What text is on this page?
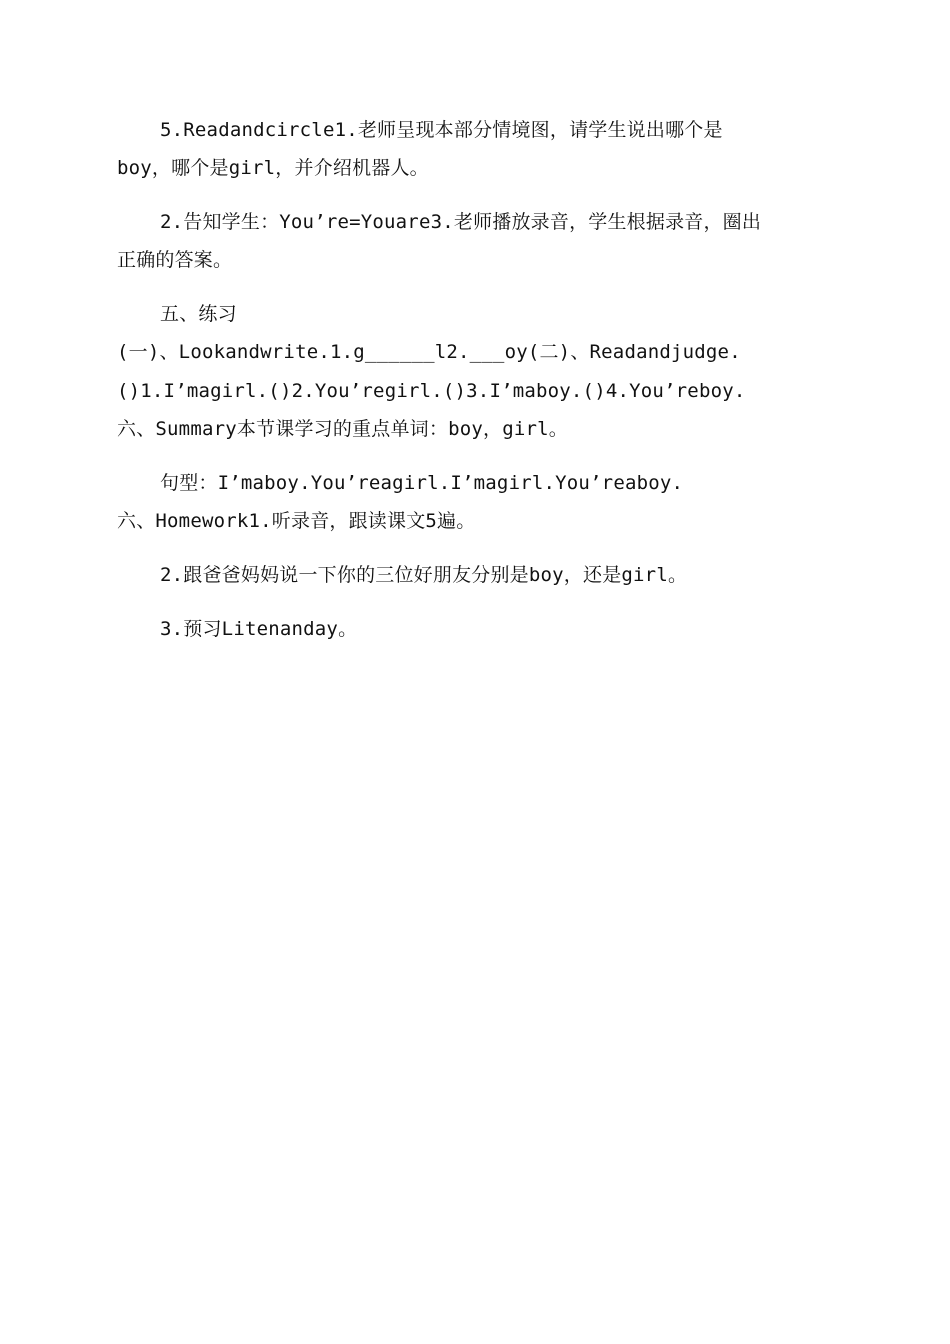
5.Readandcircle1.老师呈现本部分情境图，请学生说出哪个是
boy，哪个是girl，并介绍机器人。
2.告知学生：You’re=Youare3.老师播放录音，学生根据录音，圈出
正确的答案。
五、练习
(一)、Lookandwrite.1.g______l2.___oy(二)、Readandjudge.
()1.I’magirl.()2.You’regirl.()3.I’maboy.()4.You’reboy.
六、Summary本节课学习的重点单词：boy，girl。
句型：I’maboy.You’reagirl.I’magirl.You’reaboy.
六、Homework1.听录音，跟读课文5遍。
2.跟爸爸妈妈说一下你的三位好朋友分别是boy，还是girl。
3.预习Litenanday。
